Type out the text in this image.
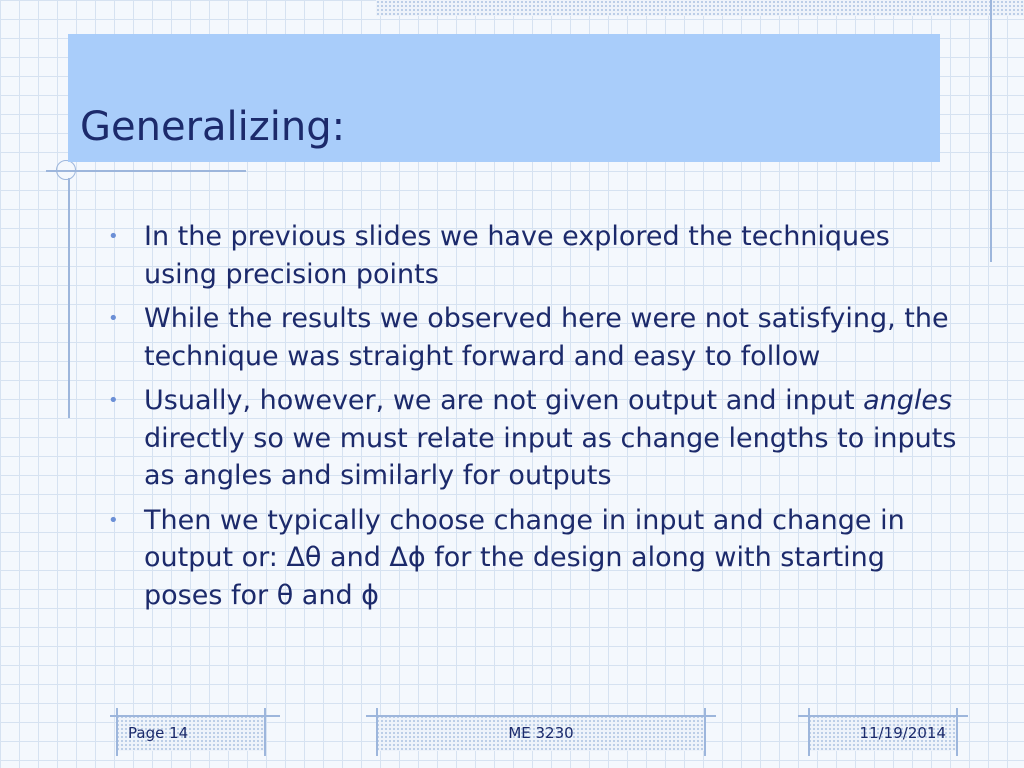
Generalizing:
• In the previous slides we have explored the techniques using precision points
• While the results we observed here were not satisfying, the technique was straight forward and easy to follow
• Usually, however, we are not given output and input angles directly so we must relate input as change lengths to inputs as angles and similarly for outputs
• Then we typically choose change in input and change in output or: Δθ and Δϕ for the design along with starting poses for θ and ϕ
Page 14	ME 3230	11/19/2014
